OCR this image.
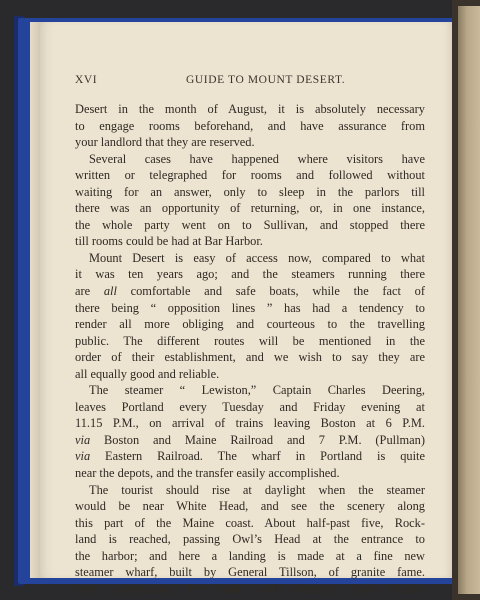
XVI	GUIDE TO MOUNT DESERT.
Desert in the month of August, it is absolutely necessary
to engage rooms beforehand, and have assurance from
your landlord that they are reserved.
Several cases have happened where visitors have
written or telegraphed for rooms and followed without
waiting for an answer, only to sleep in the parlors till
there was an opportunity of returning, or, in one instance,
the whole party went on to Sullivan, and stopped there
till rooms could be had at Bar Harbor.
Mount Desert is easy of access now, compared to what
it was ten years ago; and the steamers running there
are all comfortable and safe boats, while the fact of
there being “ opposition lines ” has had a tendency to
render all more obliging and courteous to the travelling
public. The different routes will be mentioned in the
order of their establishment, and we wish to say they are
all equally good and reliable.
The steamer “ Lewiston,” Captain Charles Deering,
leaves Portland every Tuesday and Friday evening at
11.15 P.M., on arrival of trains leaving Boston at 6 P.M.
via Boston and Maine Railroad and 7 P.M. (Pullman)
via Eastern Railroad. The wharf in Portland is quite
near the depots, and the transfer easily accomplished.
The tourist should rise at daylight when the steamer
would be near White Head, and see the scenery along
this part of the Maine coast. About half-past five, Rock-
land is reached, passing Owl’s Head at the entrance to
the harbor; and here a landing is made at a fine new
steamer wharf, built by General Tillson, of granite fame.
Here connections are made with steamers from Boston
